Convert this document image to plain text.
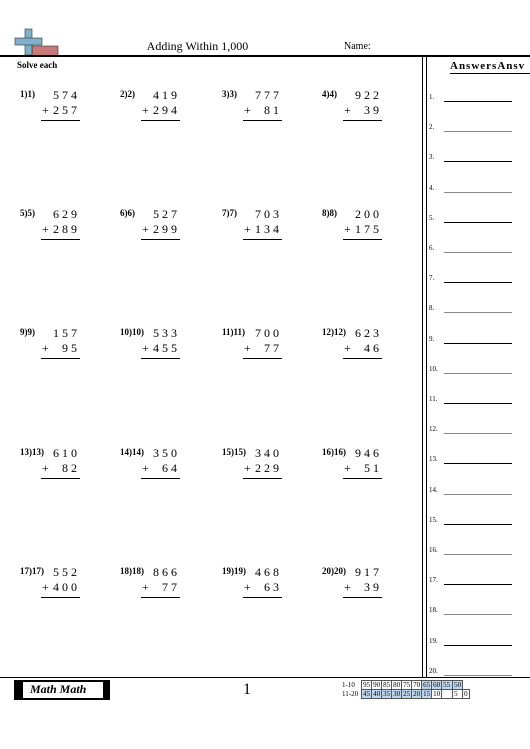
Adding Within 1,000	Name:
Solve each
1)1) 574
+ 257
2)2) 419
+ 294
3)3) 777
+ 81
4)4) 922
+ 39
5)5) 629
+ 289
6)6) 527
+ 299
7)7) 703
+ 134
8)8) 200
+ 175
9)9) 157
+ 95
10)10) 533
+ 455
11)11) 700
+ 77
12)12) 623
+ 46
13)13) 610
+ 82
14)14) 350
+ 64
15)15) 340
+ 229
16)16) 946
+ 51
17)17) 552
+ 400
18)18) 866
+ 77
19)19) 468
+ 63
20)20) 917
+ 39
AnswersAnsv
1.
2.
3.
4.
5.
6.
7.
8.
9.
10.
11.
12.
13.
14.
15.
16.
17.
18.
19.
20.
Math Math	1	1-10	95	90	85	80	75	70	65	60	55	50	
11-20	45	40	35	30	25	20	15	10		5	0
